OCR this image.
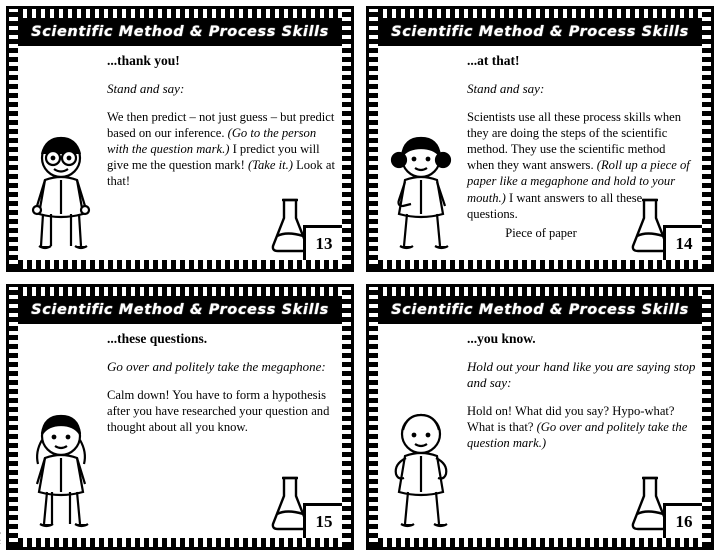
Scientific Method & Process Skills

...thank you!

Stand and say:

We then predict – not just guess – but predict based on our inference. (Go to the person with the question mark.) I predict you will give me the question mark! (Take it.) Look at that!

13
Scientific Method & Process Skills

...at that!

Stand and say:

Scientists use all these process skills when they are doing the steps of the scientific method. They use the scientific method when they want answers. (Roll up a piece of paper like a megaphone and hold to your mouth.) I want answers to all these questions.

Piece of paper
14
Scientific Method & Process Skills

...these questions.

Go over and politely take the megaphone:

Calm down! You have to form a hypothesis after you have researched your question and thought about all you know.

15
Scientific Method & Process Skills

...you know.

Hold out your hand like you are saying stop and say:

Hold on! What did you say? Hypo-what? What is that? (Go over and politely take the question mark.)

16
